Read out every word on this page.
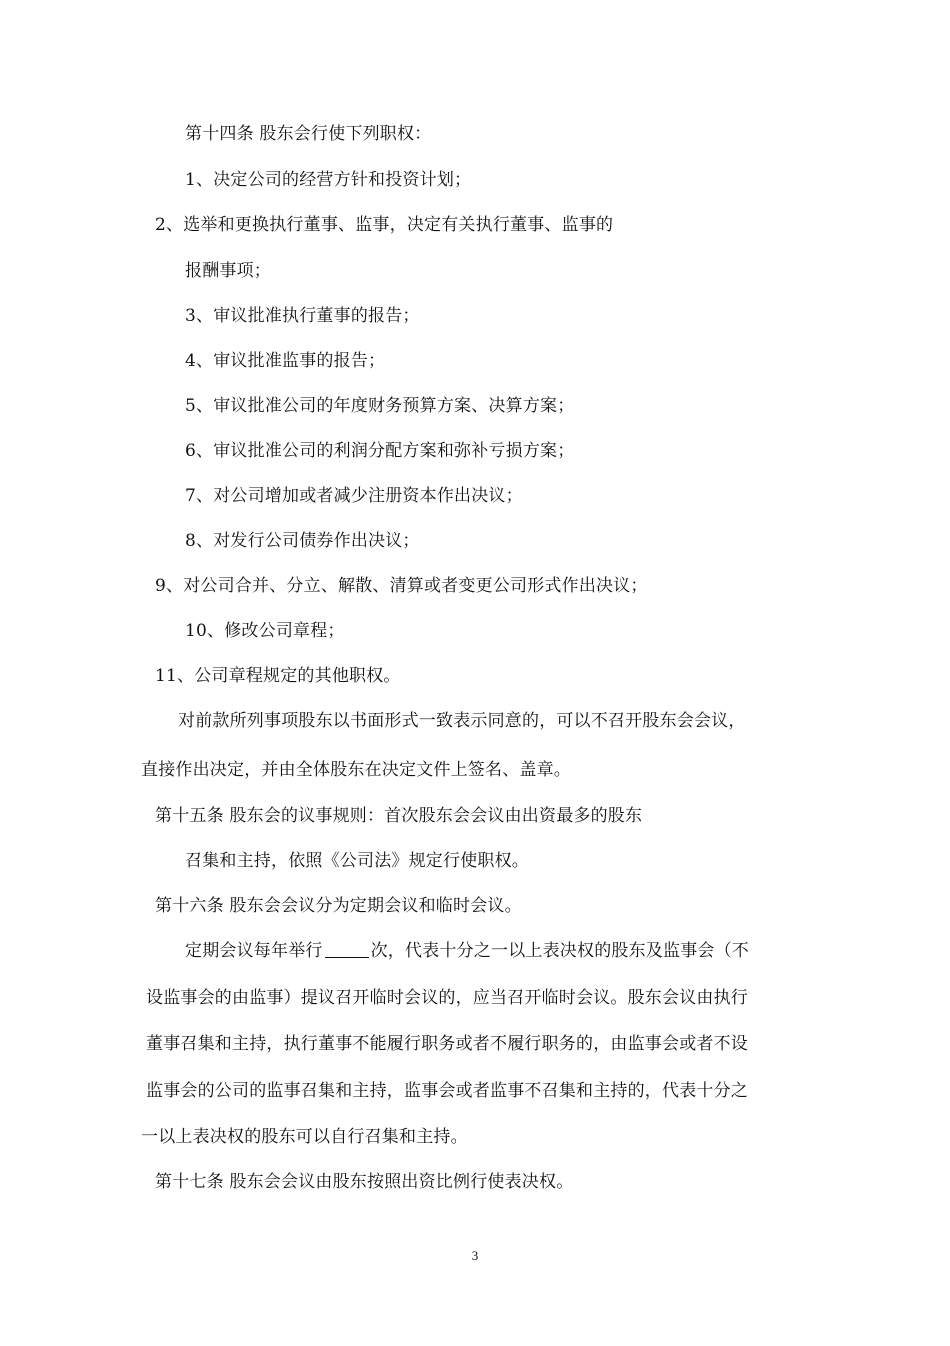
第十四条 股东会行使下列职权：
1、决定公司的经营方针和投资计划；
2、选举和更换执行董事、监事，决定有关执行董事、监事的
报酬事项；
3、审议批准执行董事的报告；
4、审议批准监事的报告；
5、审议批准公司的年度财务预算方案、决算方案；
6、审议批准公司的利润分配方案和弥补亏损方案；
7、对公司增加或者减少注册资本作出决议；
8、对发行公司债券作出决议；
9、对公司合并、分立、解散、清算或者变更公司形式作出决议；
10、修改公司章程；
11、公司章程规定的其他职权。
对前款所列事项股东以书面形式一致表示同意的，可以不召开股东会会议，
直接作出决定，并由全体股东在决定文件上签名、盖章。
第十五条 股东会的议事规则：首次股东会会议由出资最多的股东
召集和主持，依照《公司法》规定行使职权。
第十六条 股东会会议分为定期会议和临时会议。
定期会议每年举行	次，代表十分之一以上表决权的股东及监事会（不
设监事会的由监事）提议召开临时会议的，应当召开临时会议。股东会议由执行
董事召集和主持，执行董事不能履行职务或者不履行职务的，由监事会或者不设
监事会的公司的监事召集和主持，监事会或者监事不召集和主持的，代表十分之
一以上表决权的股东可以自行召集和主持。
第十七条 股东会会议由股东按照出资比例行使表决权。
3
